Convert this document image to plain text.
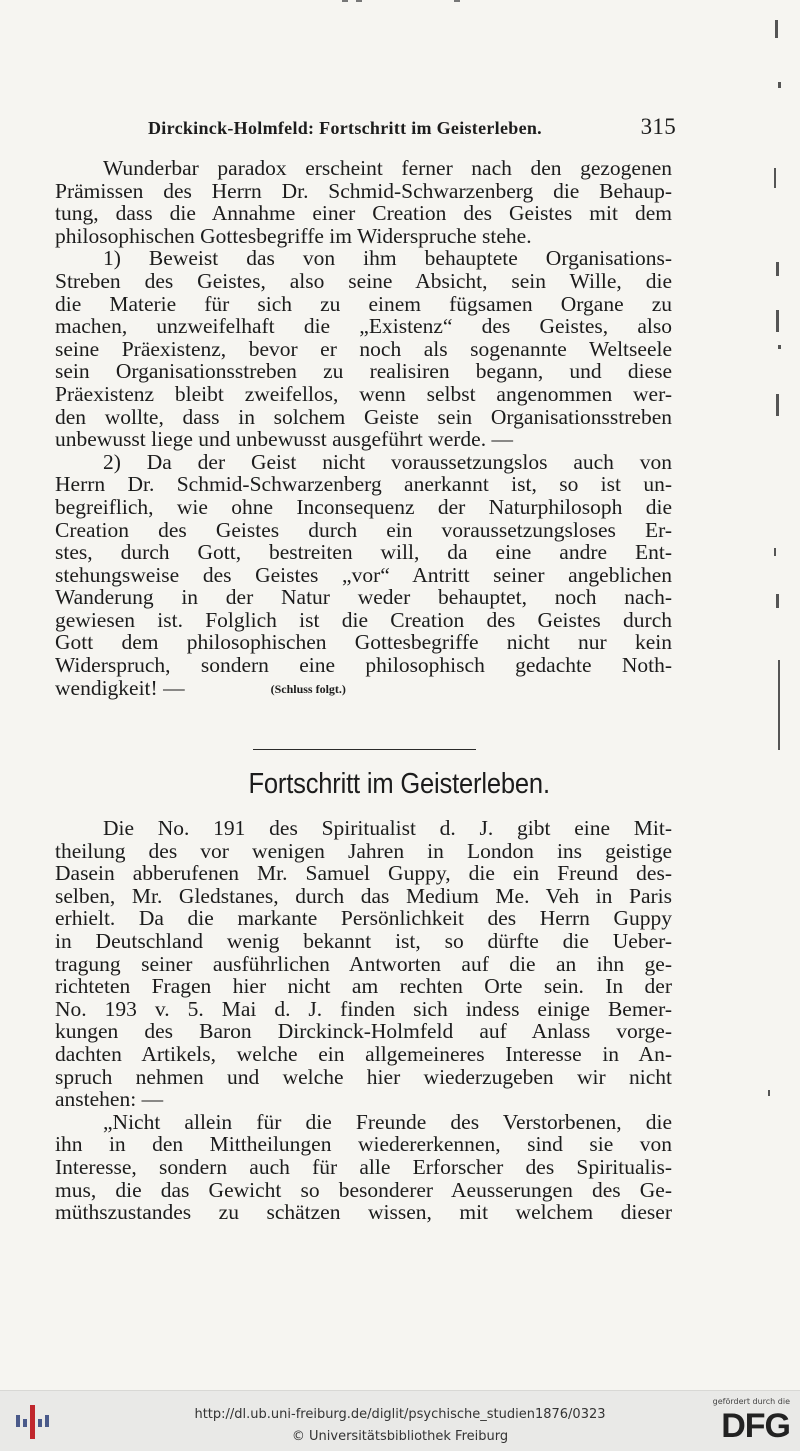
Dirckinck-Holmfeld: Fortschritt im Geisterleben.	315
Wunderbar paradox erscheint ferner nach den gezogenen
Prämissen des Herrn Dr. Schmid-Schwarzenberg die Behaup-
tung, dass die Annahme einer Creation des Geistes mit dem
philosophischen Gottesbegriffe im Widerspruche stehe.
1) Beweist das von ihm behauptete Organisations-
Streben des Geistes, also seine Absicht, sein Wille, die
die Materie für sich zu einem fügsamen Organe zu
machen, unzweifelhaft die „Existenz“ des Geistes, also
seine Präexistenz, bevor er noch als sogenannte Weltseele
sein Organisationsstreben zu realisiren begann, und diese
Präexistenz bleibt zweifellos, wenn selbst angenommen wer-
den wollte, dass in solchem Geiste sein Organisationsstreben
unbewusst liege und unbewusst ausgeführt werde. —
2) Da der Geist nicht voraussetzungslos auch von
Herrn Dr. Schmid-Schwarzenberg anerkannt ist, so ist un-
begreiflich, wie ohne Inconsequenz der Naturphilosoph die
Creation des Geistes durch ein voraussetzungsloses Er-
stes, durch Gott, bestreiten will, da eine andre Ent-
stehungsweise des Geistes „vor“ Antritt seiner angeblichen
Wanderung in der Natur weder behauptet, noch nach-
gewiesen ist. Folglich ist die Creation des Geistes durch
Gott dem philosophischen Gottesbegriffe nicht nur kein
Widerspruch, sondern eine philosophisch gedachte Noth-
wendigkeit! —	(Schluss folgt.)
Fortschritt im Geisterleben.
Die No. 191 des Spiritualist d. J. gibt eine Mit-
theilung des vor wenigen Jahren in London ins geistige
Dasein abberufenen Mr. Samuel Guppy, die ein Freund des-
selben, Mr. Gledstanes, durch das Medium Me. Veh in Paris
erhielt. Da die markante Persönlichkeit des Herrn Guppy
in Deutschland wenig bekannt ist, so dürfte die Ueber-
tragung seiner ausführlichen Antworten auf die an ihn ge-
richteten Fragen hier nicht am rechten Orte sein. In der
No. 193 v. 5. Mai d. J. finden sich indess einige Bemer-
kungen des Baron Dirckinck-Holmfeld auf Anlass vorge-
dachten Artikels, welche ein allgemeineres Interesse in An-
spruch nehmen und welche hier wiederzugeben wir nicht
anstehen: —
„Nicht allein für die Freunde des Verstorbenen, die
ihn in den Mittheilungen wiedererkennen, sind sie von
Interesse, sondern auch für alle Erforscher des Spiritualis-
mus, die das Gewicht so besonderer Aeusserungen des Ge-
müthszustandes zu schätzen wissen, mit welchem dieser
http://dl.ub.uni-freiburg.de/diglit/psychische_studien1876/0323
© Universitätsbibliothek Freiburg
gefördert durch die
DFG
